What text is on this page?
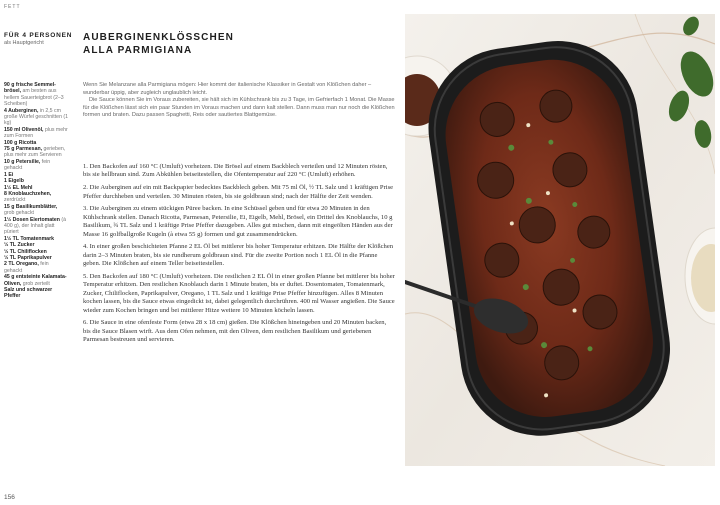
FETT
FÜR 4 PERSONEN
als Hauptgericht

90 g frische Semmel-brösel, am besten aus hellem Sauerteigbrot (2–3 Scheiben)

4 Auberginen, in 2,5 cm große Würfel geschnitten (1 kg)

150 ml Olivenöl, plus mehr zum Formen

100 g Ricotta

75 g Parmesan, gerieben, plus mehr zum Servieren

10 g Petersilie, fein gehackt

1 Ei

1 Eigelb

1½ EL Mehl

8 Knoblauchzehen, zerdrückt

15 g Basilikumblätter, grob gehackt

1½ Dosen Eiertomaten (à 400 g), der Inhalt glatt püriert

1½ TL Tomatenmark

½ TL Zucker

½ TL Chiliflocken

½ TL Paprikapulver

2 TL Oregano, fein gehackt

45 g entsteinte Kalamata-Oliven, grob zerteilt

Salz und schwarzer Pfeffer

AUBERGINENKLÖSSCHEN
ALLA PARMIGIANA

Wenn Sie Melanzane alla Parmigiana mögen: Hier kommt der italienische Klassiker in Gestalt von Klößchen daher – wunderbar üppig, aber zugleich unglaublich leicht.

Die Sauce können Sie im Voraus zubereiten, sie hält sich im Kühlschrank bis zu 3 Tage, im Gefrierfach 1 Monat. Die Masse für die Klößchen lässt sich ein paar Stunden im Voraus machen und dann kalt stellen. Dann muss man nur noch die Klößchen formen und braten. Dazu passen Spaghetti, Reis oder sautiertes Blattgemüse.

1. Den Backofen auf 160 °C (Umluft) vorheizen. Die Brösel auf einem Backblech verteilen und 12 Minuten rösten, bis sie hellbraun sind. Zum Abkühlen beiseitestellen, die Ofentemperatur auf 220 °C (Umluft) erhöhen.

2. Die Auberginen auf ein mit Backpapier bedecktes Backblech geben. Mit 75 ml Öl, ½ TL Salz und 1 kräftigen Prise Pfeffer durchheben und verteilen. 30 Minuten rösten, bis sie goldbraun sind; nach der Hälfte der Zeit wenden.

3. Die Auberginen zu einem stückigen Püree backen. In eine Schüssel geben und für etwa 20 Minuten in den Kühlschrank stellen. Danach Ricotta, Parmesan, Petersilie, Ei, Eigelb, Mehl, Brösel, ein Drittel des Knoblauchs, 10 g Basilikum, ¾ TL Salz und 1 kräftige Prise Pfeffer dazugeben. Alles gut mischen, dann mit eingeölten Händen aus der Masse 16 golfballgroße Kugeln (à etwa 55 g) formen und gut zusammendrücken.

4. In einer großen beschichteten Pfanne 2 EL Öl bei mittlerer bis hoher Temperatur erhitzen. Die Hälfte der Klößchen darin 2–3 Minuten braten, bis sie rundherum goldbraun sind. Für die zweite Portion noch 1 EL Öl in die Pfanne geben. Die Klößchen auf einem Teller beiseitestellen.

5. Den Backofen auf 180 °C (Umluft) vorheizen. Die restlichen 2 EL Öl in einer großen Pfanne bei mittlerer bis hoher Temperatur erhitzen. Den restlichen Knoblauch darin 1 Minute braten, bis er duftet. Dosentomaten, Tomatenmark, Zucker, Chiliflocken, Paprikapulver, Oregano, 1 TL Salz und 1 kräftige Prise Pfeffer hinzufügen. Alles 8 Minuten kochen lassen, bis die Sauce etwas eingedickt ist, dabei gelegentlich durchrühren. 400 ml Wasser angießen. Die Sauce wieder zum Kochen bringen und bei mittlerer Hitze weitere 10 Minuten köcheln lassen.

6. Die Sauce in eine ofenfeste Form (etwa 28 x 18 cm) gießen. Die Klößchen hineingeben und 20 Minuten backen, bis die Sauce Blasen wirft. Aus dem Ofen nehmen, mit den Oliven, dem restlichen Basilikum und geriebenen Parmesan bestreuen und servieren.

156
